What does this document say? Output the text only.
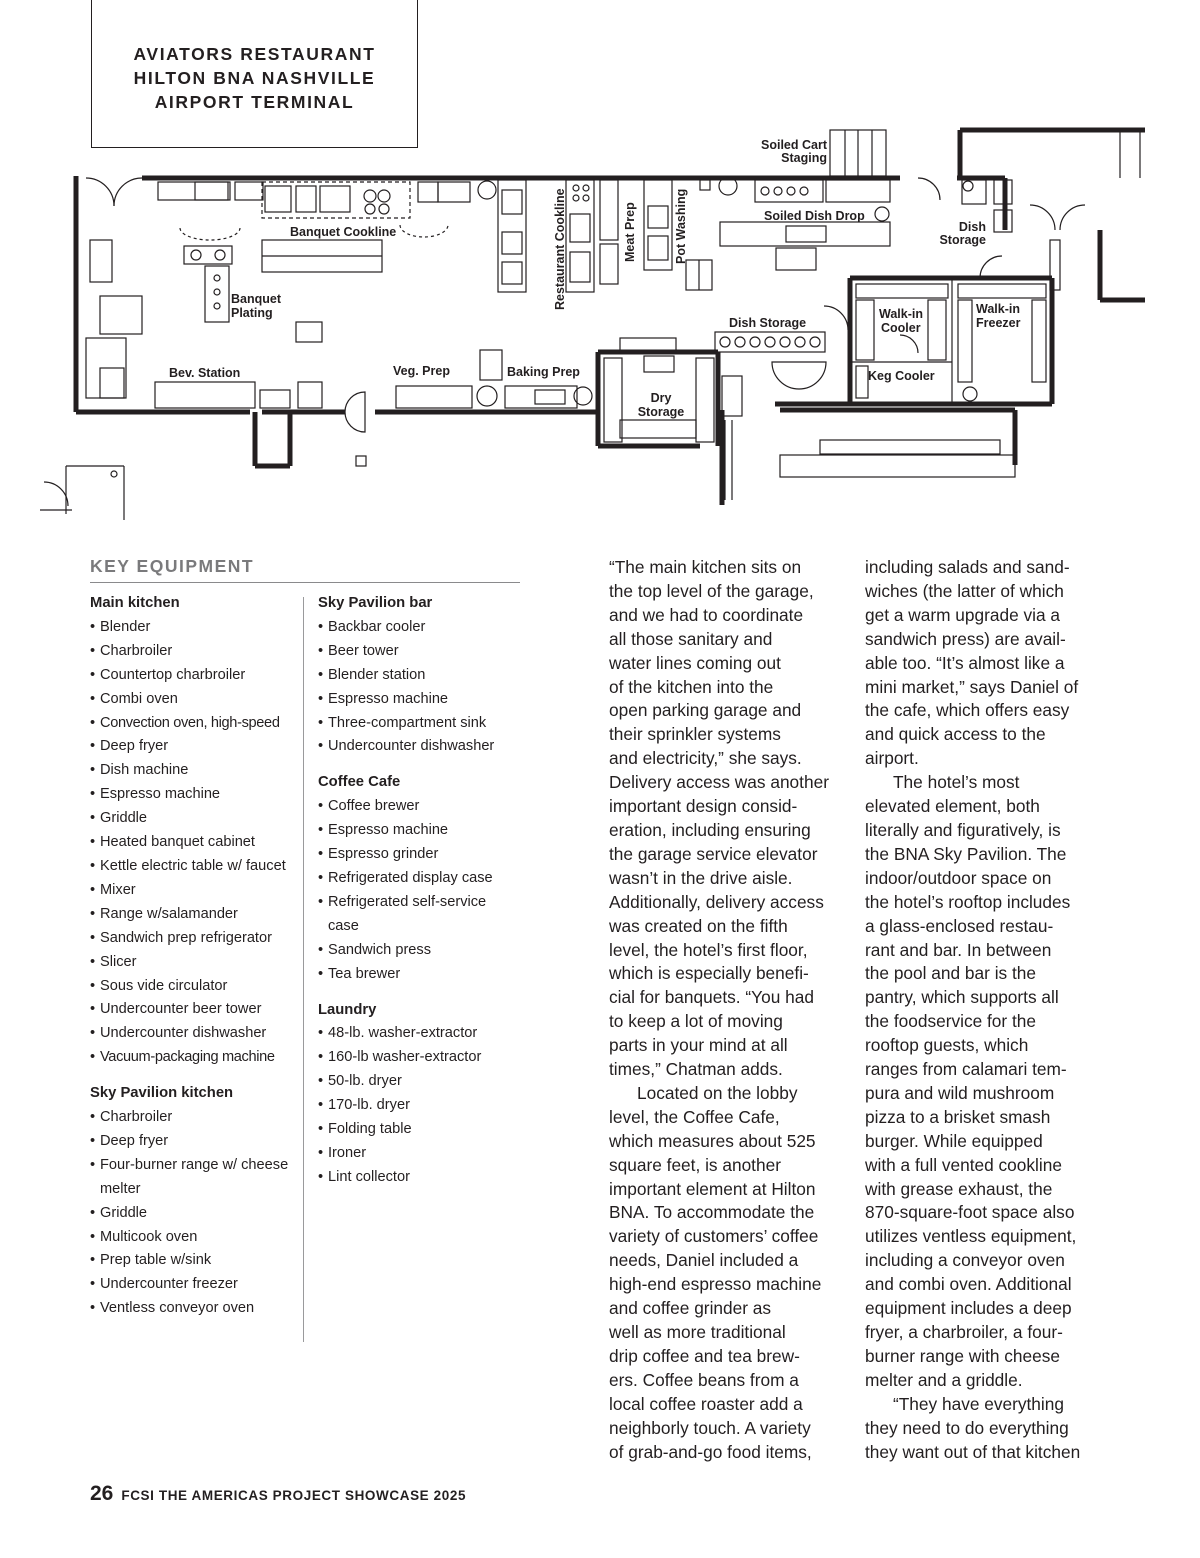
AVIATORS RESTAURANT
HILTON BNA NASHVILLE
AIRPORT TERMINAL
Soiled Cart
Staging
Banquet Cookline	Restaurant Cookline	Meat Prep	Pot Washing	Soiled Dish Drop
Dish
Storage
Banquet
Plating
Dish Storage
Walk-in
Cooler
Walk-in
Freezer
Bev. Station	Veg. Prep	Baking Prep
Dry
Storage
Keg Cooler
KEY EQUIPMENT
Main kitchen
• Blender
• Charbroiler
• Countertop charbroiler
• Combi oven
• Convection oven, high-speed
• Deep fryer
• Dish machine
• Espresso machine
• Griddle
• Heated banquet cabinet
• Kettle electric table w/ faucet
• Mixer
• Range w/salamander
• Sandwich prep refrigerator
• Slicer
• Sous vide circulator
• Undercounter beer tower
• Undercounter dishwasher
• Vacuum-packaging machine
Sky Pavilion kitchen
• Charbroiler
• Deep fryer
• Four-burner range w/ cheese melter
• Griddle
• Multicook oven
• Prep table w/sink
• Undercounter freezer
• Ventless conveyor oven
Sky Pavilion bar
• Backbar cooler
• Beer tower
• Blender station
• Espresso machine
• Three-compartment sink
• Undercounter dishwasher
Coffee Cafe
• Coffee brewer
• Espresso machine
• Espresso grinder
• Refrigerated display case
• Refrigerated self-service case
• Sandwich press
• Tea brewer
Laundry
• 48-lb. washer-extractor
• 160-lb washer-extractor
• 50-lb. dryer
• 170-lb. dryer
• Folding table
• Ironer
• Lint collector

“The main kitchen sits on
the top level of the garage,
and we had to coordinate
all those sanitary and
water lines coming out
of the kitchen into the
open parking garage and
their sprinkler systems
and electricity,” she says.
Delivery access was another
important design consid-
eration, including ensuring
the garage service elevator
wasn’t in the drive aisle.
Additionally, delivery access
was created on the fifth
level, the hotel’s first floor,
which is especially benefi-
cial for banquets. “You had
to keep a lot of moving
parts in your mind at all
times,” Chatman adds.

Located on the lobby
level, the Coffee Cafe,
which measures about 525
square feet, is another
important element at Hilton
BNA. To accommodate the
variety of customers’ coffee
needs, Daniel included a
high-end espresso machine
and coffee grinder as
well as more traditional
drip coffee and tea brew-
ers. Coffee beans from a
local coffee roaster add a
neighborly touch. A variety
of grab-and-go food items,

including salads and sand-
wiches (the latter of which
get a warm upgrade via a
sandwich press) are avail-
able too. “It’s almost like a
mini market,” says Daniel of
the cafe, which offers easy
and quick access to the
airport.

The hotel’s most
elevated element, both
literally and figuratively, is
the BNA Sky Pavilion. The
indoor/outdoor space on
the hotel’s rooftop includes
a glass-enclosed restau-
rant and bar. In between
the pool and bar is the
pantry, which supports all
the foodservice for the
rooftop guests, which
ranges from calamari tem-
pura and wild mushroom
pizza to a brisket smash
burger. While equipped
with a full vented cookline
with grease exhaust, the
870-square-foot space also
utilizes ventless equipment,
including a conveyor oven
and combi oven. Additional
equipment includes a deep
fryer, a charbroiler, a four-
burner range with cheese
melter and a griddle.

“They have everything
they need to do everything
they want out of that kitchen

26 FCSI THE AMERICAS PROJECT SHOWCASE 2025
